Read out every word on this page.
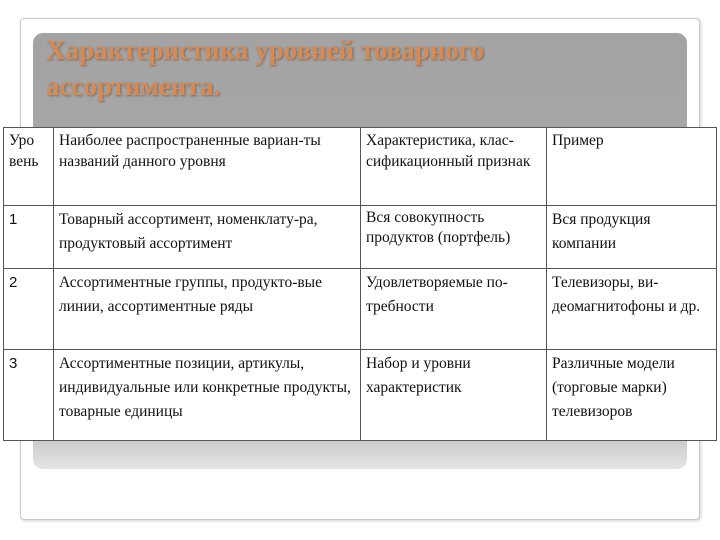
Характеристика уровней товарного
ассортимента.
Уро вень	Наиболее распространенные вариан-ты названий данного уровня	Характеристика, клас-сификационный признак	Пример
1	Товарный ассортимент, номенклату-ра, продуктовый ассортимент	Вся совокупность продуктов (портфель)	Вся продукция компании
2	Ассортиментные группы, продукто-вые линии, ассортиментные ряды	Удовлетворяемые по-требности	Телевизоры, ви-деомагнитофоны и др.
3	Ассортиментные позиции, артикулы, индивидуальные или конкретные продукты, товарные единицы	Набор и уровни характеристик	Различные модели (торговые марки) телевизоров
